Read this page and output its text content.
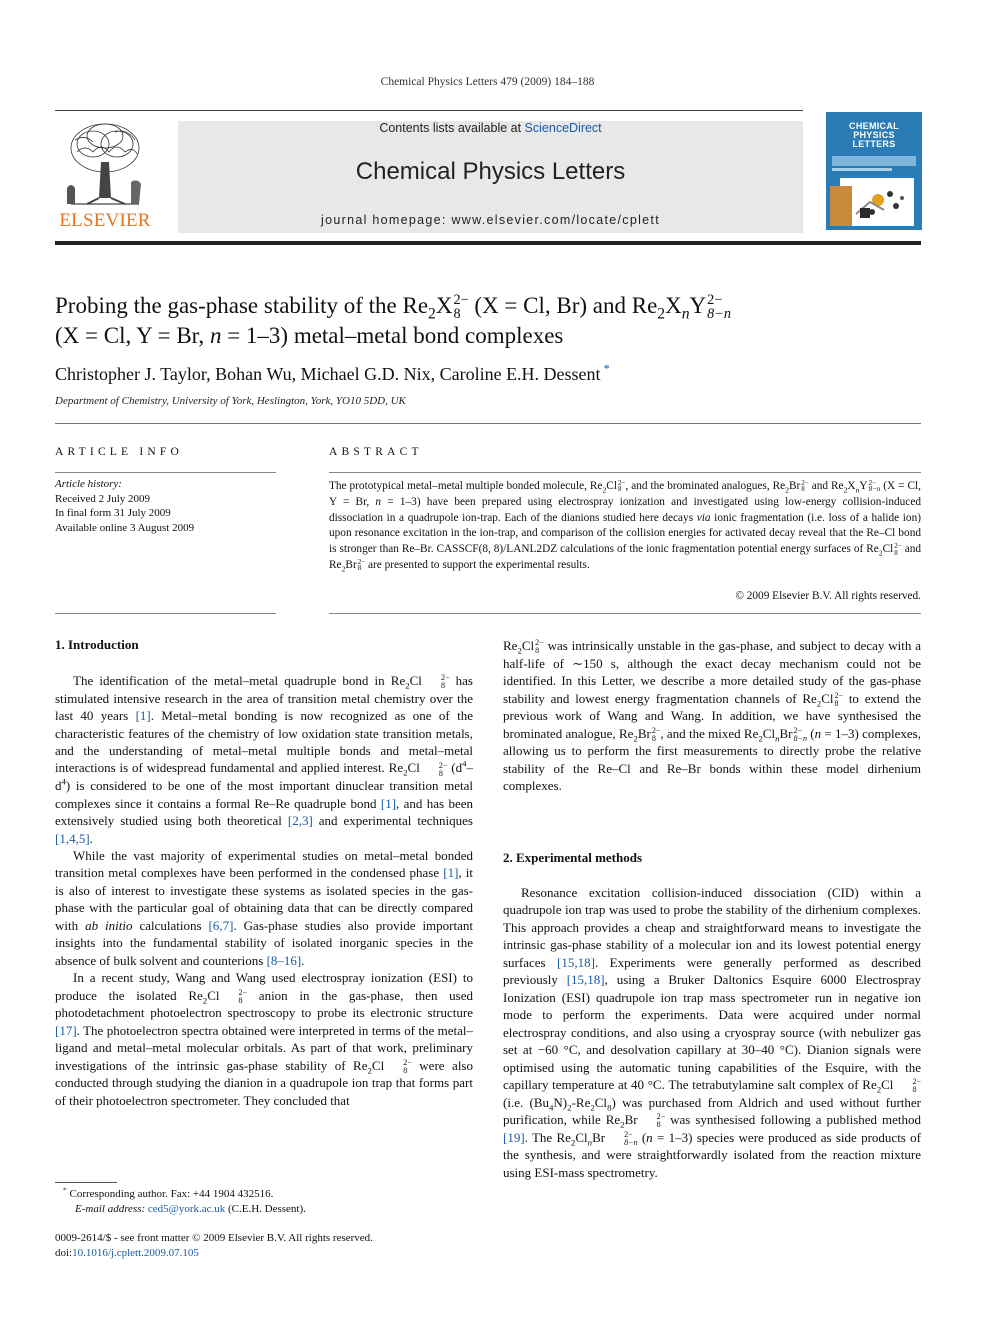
Chemical Physics Letters 479 (2009) 184–188
ELSEVIER
Contents lists available at ScienceDirect
Chemical Physics Letters
journal homepage: www.elsevier.com/locate/cplett
CHEMICAL
PHYSICS
LETTERS
Probing the gas-phase stability of the $Re_2X$ 2−
8 (X = Cl, Br) and $Re_2X_nY$ 2−
8−n
(X = Cl, Y = Br, n = 1–3) metal–metal bond complexes
Christopher J. Taylor, Bohan Wu, Michael G.D. Nix, Caroline E.H. Dessent *
Department of Chemistry, University of York, Heslington, York, YO10 5DD, UK
ARTICLE INFO	ABSTRACT
Article history:
Received 2 July 2009
In final form 31 July 2009
Available online 3 August 2009
The prototypical metal–metal multiple bonded molecule, $Re_2Cl$ 2−
8 , and the brominated analogues, $Re_2Br$ 2−
8 and $Re_2X_nY$ 2−
8−n (X = Cl, Y = Br, n = 1–3) have been prepared using electrospray ionization and investigated using low-energy collision-induced dissociation in a quadrupole ion-trap. Each of the dianions studied here decays via ionic fragmentation (i.e. loss of a halide ion) upon resonance excitation in the ion-trap, and comparison of the collision energies for activated decay reveal that the Re–Cl bond is stronger than Re–Br. CASSCF(8, 8)/LANL2DZ calculations of the ionic fragmentation potential energy surfaces of $Re_2Cl$ 2−
8 and $Re_2Br$ 2−
8 are presented to support the experimental results.
© 2009 Elsevier B.V. All rights reserved.
1. Introduction

The identification of the metal–metal quadruple bond in $Re_2Cl$	2−
8 has stimulated intensive research in the area of transition metal chemistry over the last 40 years [1]. Metal–metal bonding is now recognized as one of the characteristic features of the chemistry of low oxidation state transition metals, and the understanding of metal–metal multiple bonds and metal–metal interactions is of widespread fundamental and applied interest. $Re_2Cl$	2−
8 $(d^4-d^4)$ is considered to be one of the most important dinuclear transition metal complexes since it contains a formal Re–Re quadruple bond [1], and has been extensively studied using both theoretical [2,3] and experimental techniques [1,4,5].

While the vast majority of experimental studies on metal–metal bonded transition metal complexes have been performed in the condensed phase [1], it is also of interest to investigate these systems as isolated species in the gas-phase with the particular goal of obtaining data that can be directly compared with ab initio calculations [6,7]. Gas-phase studies also provide important insights into the fundamental stability of isolated inorganic species in the absence of bulk solvent and counterions [8–16].

In a recent study, Wang and Wang used electrospray ionization (ESI) to produce the isolated $Re_2Cl$	2−
8 anion in the gas-phase, then used photodetachment photoelectron spectroscopy to probe its electronic structure [17]. The photoelectron spectra obtained were interpreted in terms of the metal–ligand and metal–metal molecular orbitals. As part of that work, preliminary investigations of the intrinsic gas-phase stability of $Re_2Cl$	2−
8 were also conducted through studying the dianion in a quadrupole ion trap that forms part of their photoelectron spectrometer. They concluded that

* Corresponding author. Fax: +44 1904 432516.
E-mail address: ced5@york.ac.uk (C.E.H. Dessent).
0009-2614/$ - see front matter © 2009 Elsevier B.V. All rights reserved.
doi:10.1016/j.cplett.2009.07.105
$Re_2Cl$ 2−
8 was intrinsically unstable in the gas-phase, and subject to decay with a half-life of ∼150 s, although the exact decay mechanism could not be identified. In this Letter, we describe a more detailed study of the gas-phase stability and lowest energy fragmentation channels of $Re_2Cl$ 2−
8 to extend the previous work of Wang and Wang. In addition, we have synthesised the brominated analogue, $Re_2Br$ 2−
8 , and the mixed $Re_2Cl_nBr$ 2−
8−n (n = 1–3) complexes, allowing us to perform the first measurements to directly probe the relative stability of the Re–Cl and Re–Br bonds within these model dirhenium complexes.
2. Experimental methods

Resonance excitation collision-induced dissociation (CID) within a quadrupole ion trap was used to probe the stability of the dirhenium complexes. This approach provides a cheap and straightforward means to investigate the intrinsic gas-phase stability of a molecular ion and its lowest potential energy surfaces [15,18]. Experiments were generally performed as described previously [15,18], using a Bruker Daltonics Esquire 6000 Electrospray Ionization (ESI) quadrupole ion trap mass spectrometer run in negative ion mode to perform the experiments. Data were acquired under normal electrospray conditions, and also using a cryospray source (with nebulizer gas set at −60 °C, and desolvation capillary at 30–40 °C). Dianion signals were optimised using the automatic tuning capabilities of the Esquire, with the capillary temperature at 40 °C. The tetrabutylamine salt complex of $Re_2Cl$	2−
8
(i.e. $(Bu_4N)_2-Re_2Cl_8$) was purchased from Aldrich and used without further purification, while $Re_2Br$	2−
8 was synthesised following a published method [19]. The $Re_2Cl_nBr$	2−
8−n (n = 1–3) species were produced as side products of the synthesis, and were straightforwardly isolated from the reaction mixture using ESI-mass spectrometry.
